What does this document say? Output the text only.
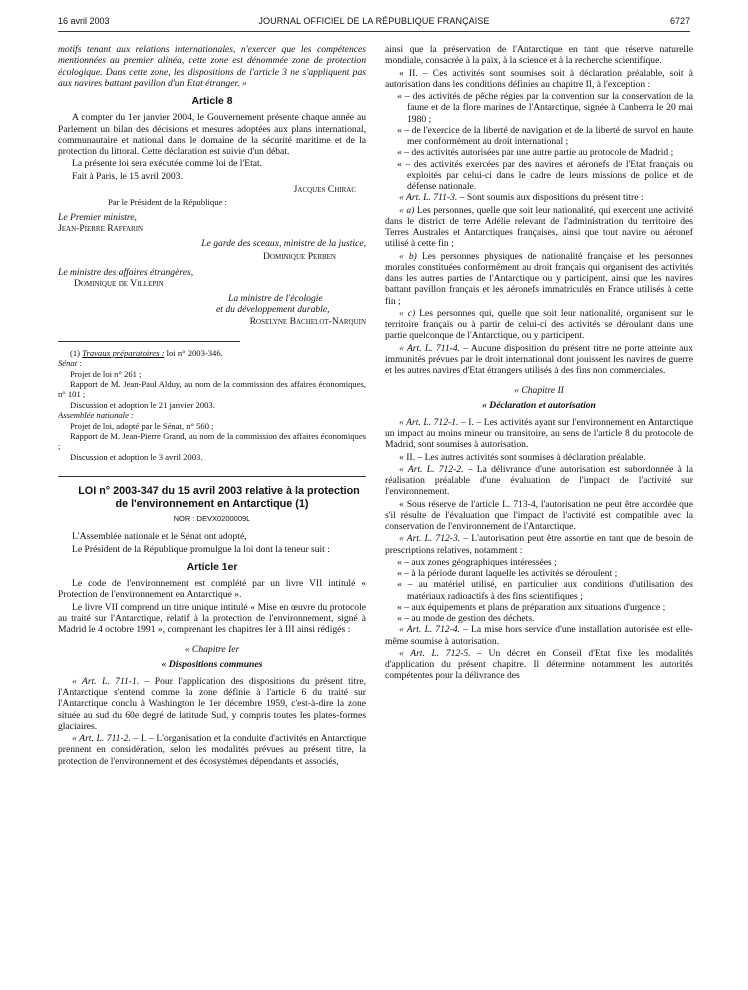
16 avril 2003	JOURNAL OFFICIEL DE LA RÉPUBLIQUE FRANÇAISE	6727

motifs tenant aux relations internationales, n'exercer que les compétences mentionnées au premier alinéa, cette zone est dénommée zone de protection écologique. Dans cette zone, les dispositions de l'article 3 ne s'appliquent pas aux navires battant pavillon d'un Etat étranger. »

Article 8

A compter du 1er janvier 2004, le Gouvernement présente chaque année au Parlement un bilan des décisions et mesures adoptées aux plans international, communautaire et national dans le domaine de la sécurité maritime et de la protection du littoral. Cette déclaration est suivie d'un débat.

La présente loi sera exécutée comme loi de l'Etat.

Fait à Paris, le 15 avril 2003.

Jacques Chirac
Par le Président de la République :
Le Premier ministre,
Jean-Pierre Raffarin
Le garde des sceaux, ministre de la justice,
Dominique Perben
Le ministre des affaires étrangères,
Dominique de Villepin
La ministre de l'écologie
et du développement durable,
Roselyne Bachelot-Narquin

(1) Travaux préparatoires : loi n° 2003-346.

Sénat :

Projet de loi n° 261 ;

Rapport de M. Jean-Paul Alduy, au nom de la commission des affaires économiques, n° 101 ;

Discussion et adoption le 21 janvier 2003.

Assemblée nationale :

Projet de loi, adopté par le Sénat, n° 560 ;

Rapport de M. Jean-Pierre Grand, au nom de la commission des affaires économiques ;

Discussion et adoption le 3 avril 2003.

LOI n° 2003-347 du 15 avril 2003 relative à la protection de l'environnement en Antarctique (1)

NOR : DEVX0200009L

L'Assemblée nationale et le Sénat ont adopté,

Le Président de la République promulgue la loi dont la teneur suit :

Article 1er

Le code de l'environnement est complété par un livre VII intitulé « Protection de l'environnement en Antarctique ».

Le livre VII comprend un titre unique intitulé « Mise en œuvre du protocole au traité sur l'Antarctique, relatif à la protection de l'environnement, signé à Madrid le 4 octobre 1991 », comprenant les chapitres Ier à III ainsi rédigés :

« Chapitre Ier
« Dispositions communes

« Art. L. 711-1. – Pour l'application des dispositions du présent titre, l'Antarctique s'entend comme la zone définie à l'article 6 du traité sur l'Antarctique conclu à Washington le 1er décembre 1959, c'est-à-dire la zone située au sud du 60e degré de latitude Sud, y compris toutes les plates-formes glaciaires.

« Art. L. 711-2. – I. – L'organisation et la conduite d'activités en Antarctique prennent en considération, selon les modalités prévues au présent titre, la protection de l'environnement et des écosystèmes dépendants et associés,

ainsi que la préservation de l'Antarctique en tant que réserve naturelle mondiale, consacrée à la paix, à la science et à la recherche scientifique.

« II. – Ces activités sont soumises soit à déclaration préalable, soit à autorisation dans les conditions définies au chapitre II, à l'exception :

« – des activités de pêche régies par la convention sur la conservation de la faune et de la flore marines de l'Antarctique, signée à Canberra le 20 mai 1980 ;
« – de l'exercice de la liberté de navigation et de la liberté de survol en haute mer conformément au droit international ;
« – des activités autorisées par une autre partie au protocole de Madrid ;
« – des activités exercées par des navires et aéronefs de l'Etat français ou exploités par celui-ci dans le cadre de leurs missions de police et de défense nationale.

« Art. L. 711-3. – Sont soumis aux dispositions du présent titre :

« a) Les personnes, quelle que soit leur nationalité, qui exercent une activité dans le district de terre Adélie relevant de l'administration du territoire des Terres Australes et Antarctiques françaises, ainsi que tout navire ou aéronef utilisé à cette fin ;

« b) Les personnes physiques de nationalité française et les personnes morales constituées conformément au droit français qui organisent des activités dans les autres parties de l'Antarctique ou y participent, ainsi que les navires battant pavillon français et les aéronefs immatriculés en France utilisés à cette fin ;

« c) Les personnes qui, quelle que soit leur nationalité, organisent sur le territoire français ou à partir de celui-ci des activités se déroulant dans une partie quelconque de l'Antarctique, ou y participent.

« Art. L. 711-4. – Aucune disposition du présent titre ne porte atteinte aux immunités prévues par le droit international dont jouissent les navires de guerre et les autres navires d'Etat étrangers utilisés à des fins non commerciales.

« Chapitre II
« Déclaration et autorisation

« Art. L. 712-1. – I. – Les activités ayant sur l'environnement en Antarctique un impact au moins mineur ou transitoire, au sens de l'article 8 du protocole de Madrid, sont soumises à autorisation.

« II. – Les autres activités sont soumises à déclaration préalable.

« Art. L. 712-2. – La délivrance d'une autorisation est subordonnée à la réalisation préalable d'une évaluation de l'impact de l'activité sur l'environnement.

« Sous réserve de l'article L. 713-4, l'autorisation ne peut être accordée que s'il résulte de l'évaluation que l'impact de l'activité est compatible avec la conservation de l'environnement de l'Antarctique.

« Art. L. 712-3. – L'autorisation peut être assortie en tant que de besoin de prescriptions relatives, notamment :

« – aux zones géographiques intéressées ;
« – à la période durant laquelle les activités se déroulent ;
« – au matériel utilisé, en particulier aux conditions d'utilisation des matériaux radioactifs à des fins scientifiques ;
« – aux équipements et plans de préparation aux situations d'urgence ;
« – au mode de gestion des déchets.

« Art. L. 712-4. – La mise hors service d'une installation autorisée est elle-même soumise à autorisation.

« Art. L. 712-5. – Un décret en Conseil d'Etat fixe les modalités d'application du présent chapitre. Il détermine notamment les autorités compétentes pour la délivrance des
